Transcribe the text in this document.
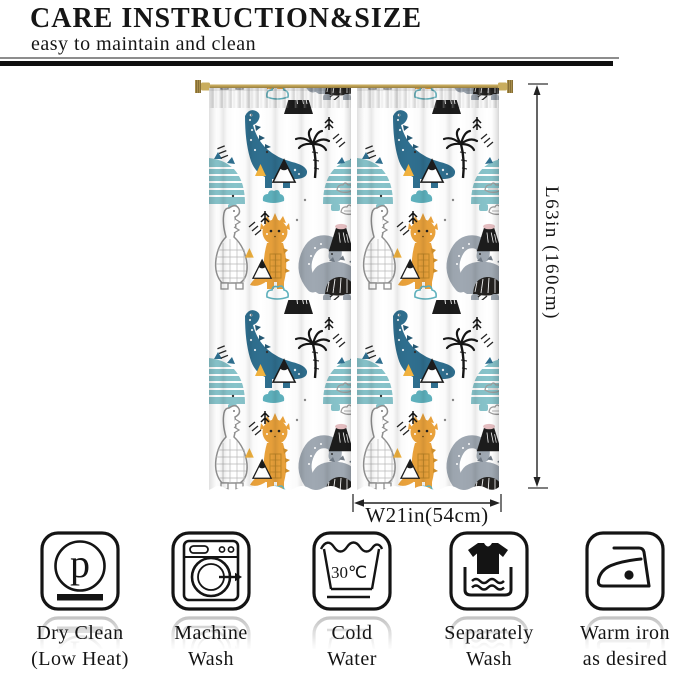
CARE INSTRUCTION&SIZE
easy to maintain and clean
L63in (160cm)
W21in(54cm)
p
Dry Clean
(Low Heat)
Machine
Wash
30℃
Cold
Water
Separately
Wash
Warm iron
as desired
